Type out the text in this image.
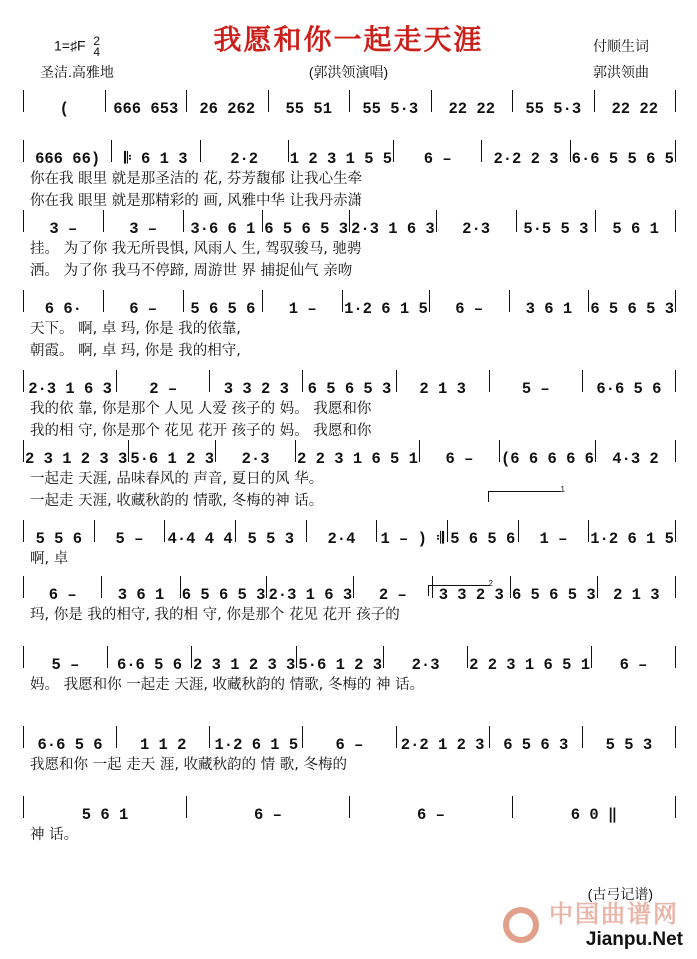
1=♯F 2
4	我愿和你一起走天涯	付顺生词
圣洁.高雅地	(郭洪领演唱)	郭洪领曲
(	666 653	26 262	55 51	55 5·3	22 22	55 5·3	22 22
666 66)	𝄆 6 1 3	2·2	1 2 3 1 5 5	6 –	2·2 2 3 6·6 5 5 6 5
你在我 眼里 就是那圣洁的 花, 芬芳馥郁 让我心生牵
你在我 眼里 就是那精彩的 画, 风雅中华 让我丹赤潇
3 –	3 –	3·6 6 1 6 5 6 5 3 2·3 1 6 3	2·3	5·5 5 3	5 6 1
挂。 为了你 我无所畏惧, 风雨人 生, 驾驭骏马, 驰骋
洒。 为了你 我马不停蹄, 周游世 界 捕捉仙气 亲吻
6 6·	6 –	5 6 5 6	1 –	1·2 6 1 5	6 –	3 6 1	6 5 6 5 3
天下。 啊, 卓 玛, 你是 我的依靠,
朝霞。 啊, 卓 玛, 你是 我的相守,
2·3 1 6 3	2 –	3 3 2 3	6 5 6 5 3	2 1 3	5 –	6·6 5 6
我的依 靠, 你是那个 人见 人爱 孩子的 妈。 我愿和你
我的相 守, 你是那个 花见 花开 孩子的 妈。 我愿和你
2 3 1 2 3 3 5·6 1 2 3	2·3	2 2 3 1 6 5 1	6 –	(6 6 6 6 6	4·3 2
一起走 天涯, 品味春风的 声音, 夏日的风 华。
一起走 天涯, 收藏秋韵的 情歌, 冬梅的神 话。
5 5 6	5 –	4·4 4 4 5 5 3	2·4	1 – ) 𝄇 5 6 5 6	1 –	1·2 6 1 5
啊, 卓
6 –	3 6 1	6 5 6 5 3 2·3 1 6 3	2 –	3 3 2 3 6 5 6 5 3	2 1 3
玛, 你是 我的相守, 我的相 守, 你是那个 花见 花开 孩子的
5 –	6·6 5 6 2 3 1 2 3 3 5·6 1 2 3	2·3	2 2 3 1 6 5 1	6 –
妈。 我愿和你 一起走 天涯, 收藏秋韵的 情歌, 冬梅的 神 话。
6·6 5 6	1 1 2	1·2 6 1 5	6 –	2·2 1 2 3	6 5 6 3	5 5 3
我愿和你 一起 走天 涯, 收藏秋韵的 情 歌, 冬梅的
5 6 1	6 –	6 –	6 0 ‖
神 话。
1
2
(古弓记谱)
中国曲谱网
Jianpu.Net
